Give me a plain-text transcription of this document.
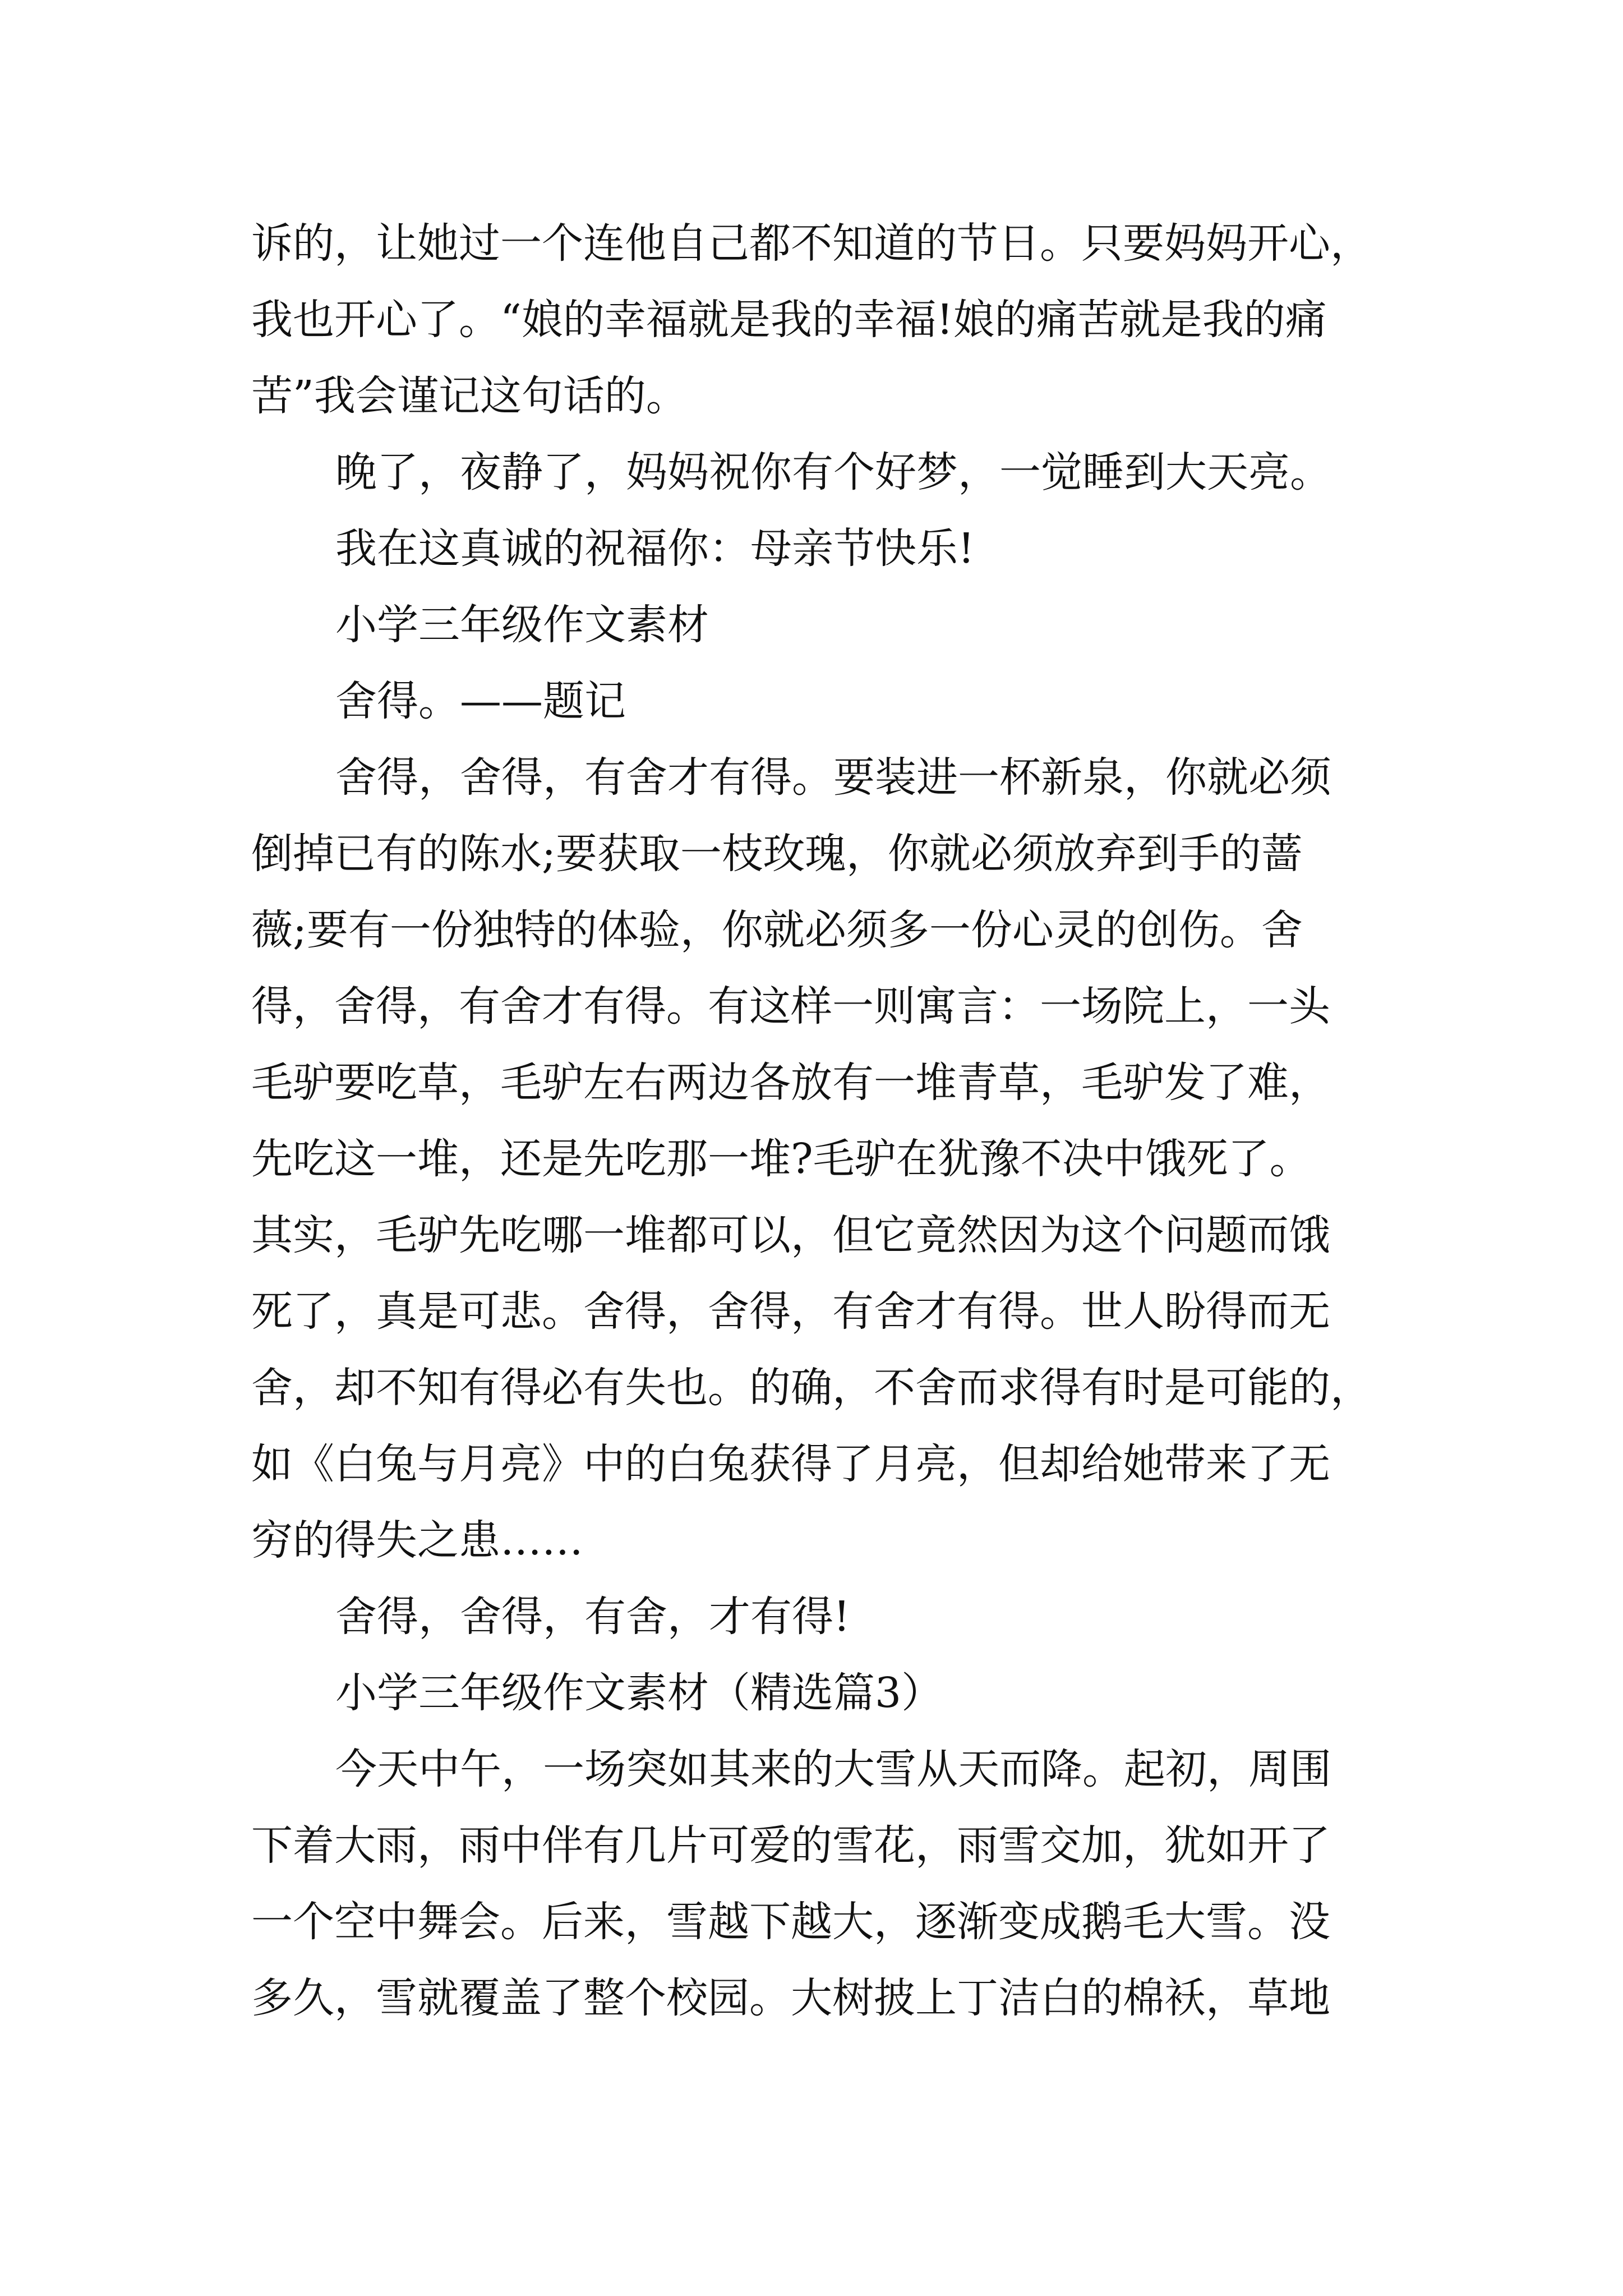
诉的，让她过一个连他自己都不知道的节日。只要妈妈开心，

我也开心了。“娘的幸福就是我的幸福!娘的痛苦就是我的痛

苦”我会谨记这句话的。

晚了，夜静了，妈妈祝你有个好梦，一觉睡到大天亮。

我在这真诚的祝福你：母亲节快乐!

小学三年级作文素材

舍得。——题记

舍得，舍得，有舍才有得。要装进一杯新泉，你就必须

倒掉已有的陈水;要获取一枝玫瑰，你就必须放弃到手的蔷

薇;要有一份独特的体验，你就必须多一份心灵的创伤。舍

得，舍得，有舍才有得。有这样一则寓言：一场院上，一头

毛驴要吃草，毛驴左右两边各放有一堆青草，毛驴发了难，

先吃这一堆，还是先吃那一堆?毛驴在犹豫不决中饿死了。

其实，毛驴先吃哪一堆都可以，但它竟然因为这个问题而饿

死了，真是可悲。舍得，舍得，有舍才有得。世人盼得而无

舍，却不知有得必有失也。的确，不舍而求得有时是可能的，

如《白兔与月亮》中的白兔获得了月亮，但却给她带来了无

穷的得失之患……

舍得，舍得，有舍，才有得!

小学三年级作文素材（精选篇3）

今天中午，一场突如其来的大雪从天而降。起初，周围

下着大雨，雨中伴有几片可爱的雪花，雨雪交加，犹如开了

一个空中舞会。后来，雪越下越大，逐渐变成鹅毛大雪。没

多久，雪就覆盖了整个校园。大树披上丁洁白的棉袄，草地
